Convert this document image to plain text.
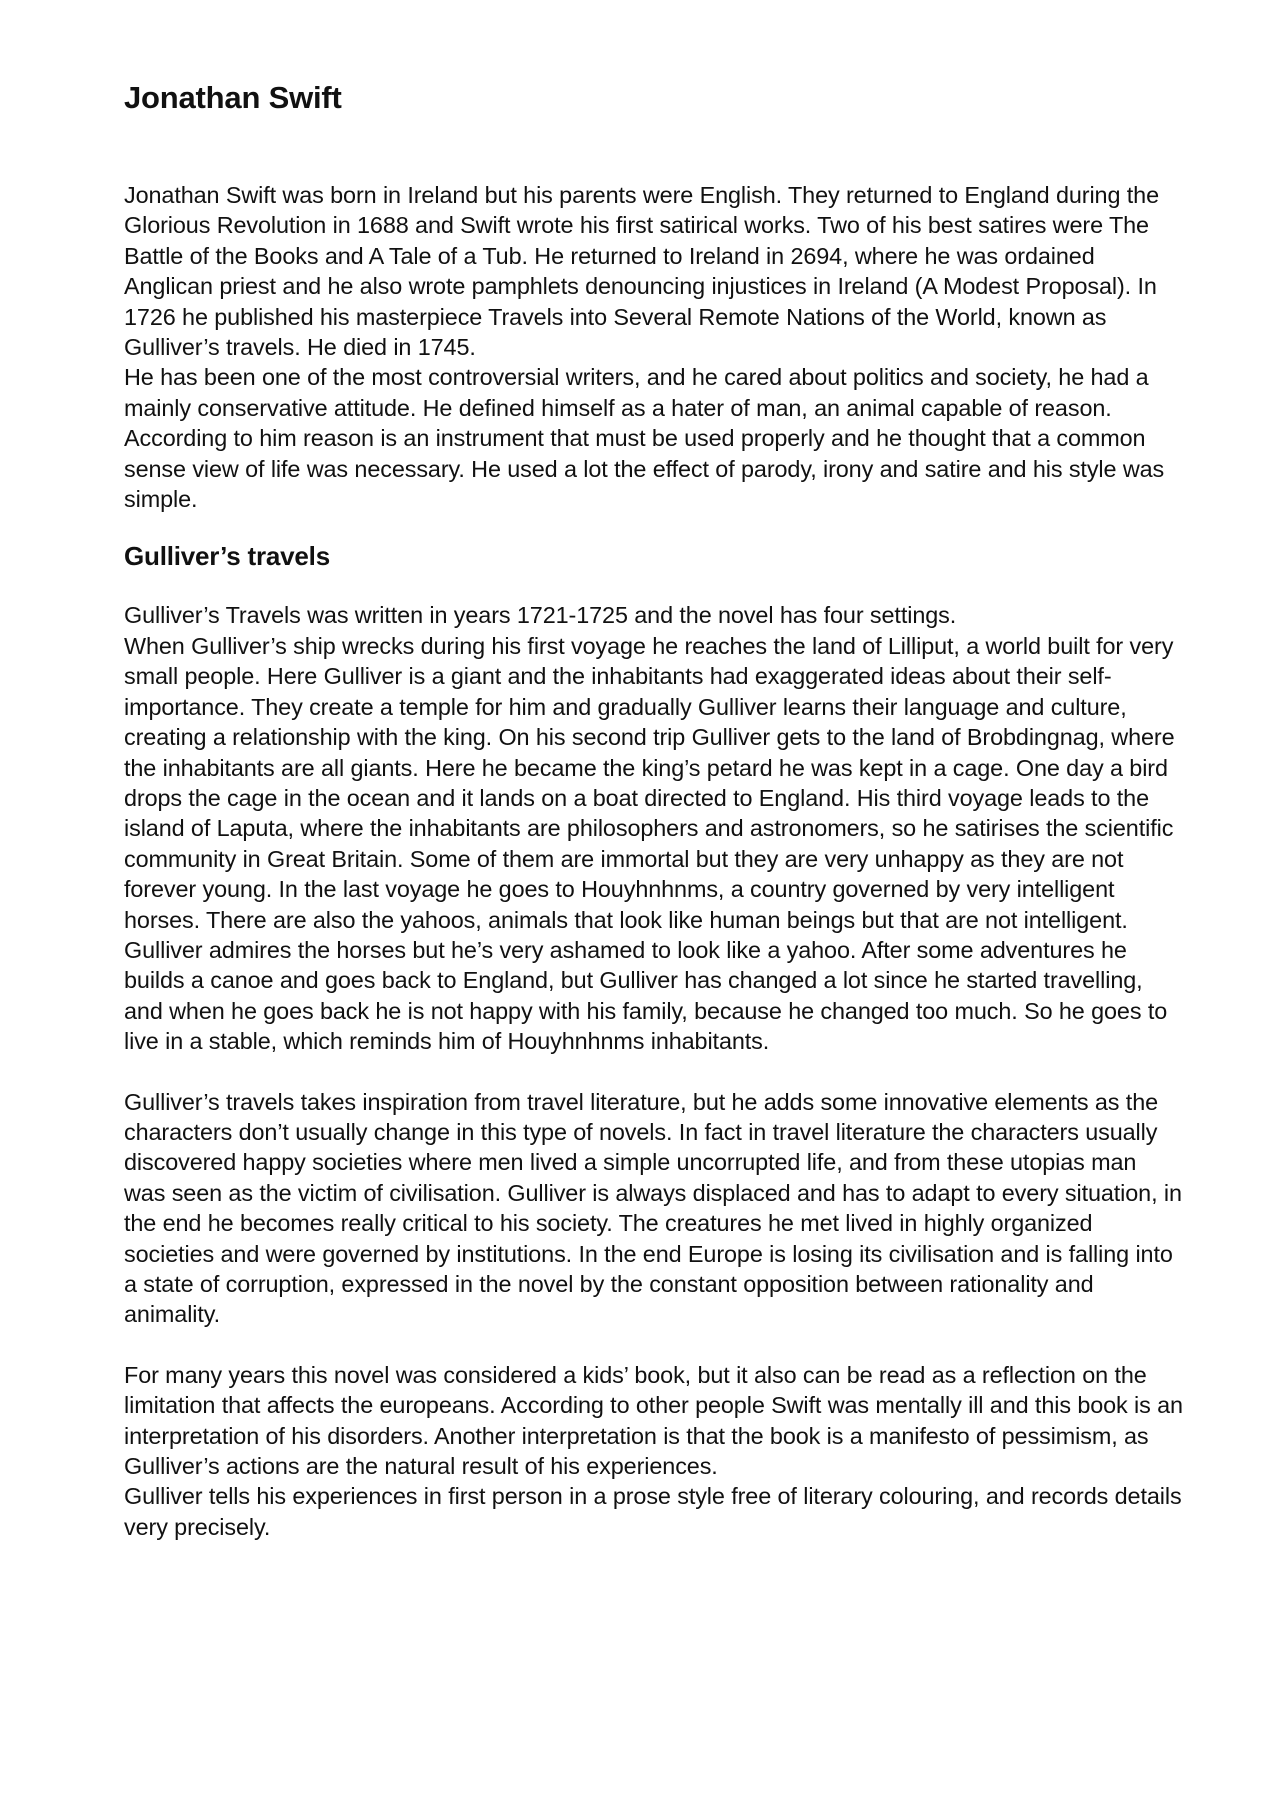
Jonathan Swift

Jonathan Swift was born in Ireland but his parents were English. They returned to England during the Glorious Revolution in 1688 and Swift wrote his first satirical works. Two of his best satires were The Battle of the Books and A Tale of a Tub. He returned to Ireland in 2694, where he was ordained Anglican priest and he also wrote pamphlets denouncing injustices in Ireland (A Modest Proposal). In 1726 he published his masterpiece Travels into Several Remote Nations of the World, known as Gulliver’s travels. He died in 1745.

He has been one of the most controversial writers, and he cared about politics and society, he had a mainly conservative attitude. He defined himself as a hater of man, an animal capable of reason. According to him reason is an instrument that must be used properly and he thought that a common sense view of life was necessary. He used a lot the effect of parody, irony and satire and his style was simple.

Gulliver’s travels

Gulliver’s Travels was written in years 1721-1725 and the novel has four settings.

When Gulliver’s ship wrecks during his first voyage he reaches the land of Lilliput, a world built for very small people. Here Gulliver is a giant and the inhabitants had exaggerated ideas about their self-importance. They create a temple for him and gradually Gulliver learns their language and culture, creating a relationship with the king. On his second trip Gulliver gets to the land of Brobdingnag, where the inhabitants are all giants. Here he became the king’s petard he was kept in a cage. One day a bird drops the cage in the ocean and it lands on a boat directed to England. His third voyage leads to the island of Laputa, where the inhabitants are philosophers and astronomers, so he satirises the scientific community in Great Britain. Some of them are immortal but they are very unhappy as they are not forever young. In the last voyage he goes to Houyhnhnms, a country governed by very intelligent horses. There are also the yahoos, animals that look like human beings but that are not intelligent. Gulliver admires the horses but he’s very ashamed to look like a yahoo. After some adventures he builds a canoe and goes back to England, but Gulliver has changed a lot since he started travelling, and when he goes back he is not happy with his family, because he changed too much. So he goes to live in a stable, which reminds him of Houyhnhnms inhabitants.

Gulliver’s travels takes inspiration from travel literature, but he adds some innovative elements as the characters don’t usually change in this type of novels. In fact in travel literature the characters usually discovered happy societies where men lived a simple uncorrupted life, and from these utopias man was seen as the victim of civilisation. Gulliver is always displaced and has to adapt to every situation, in the end he becomes really critical to his society. The creatures he met lived in highly organized societies and were governed by institutions. In the end Europe is losing its civilisation and is falling into a state of corruption, expressed in the novel by the constant opposition between rationality and animality.

For many years this novel was considered a kids’ book, but it also can be read as a reflection on the limitation that affects the europeans. According to other people Swift was mentally ill and this book is an interpretation of his disorders. Another interpretation is that the book is a manifesto of pessimism, as Gulliver’s actions are the natural result of his experiences.

Gulliver tells his experiences in first person in a prose style free of literary colouring, and records details very precisely.
